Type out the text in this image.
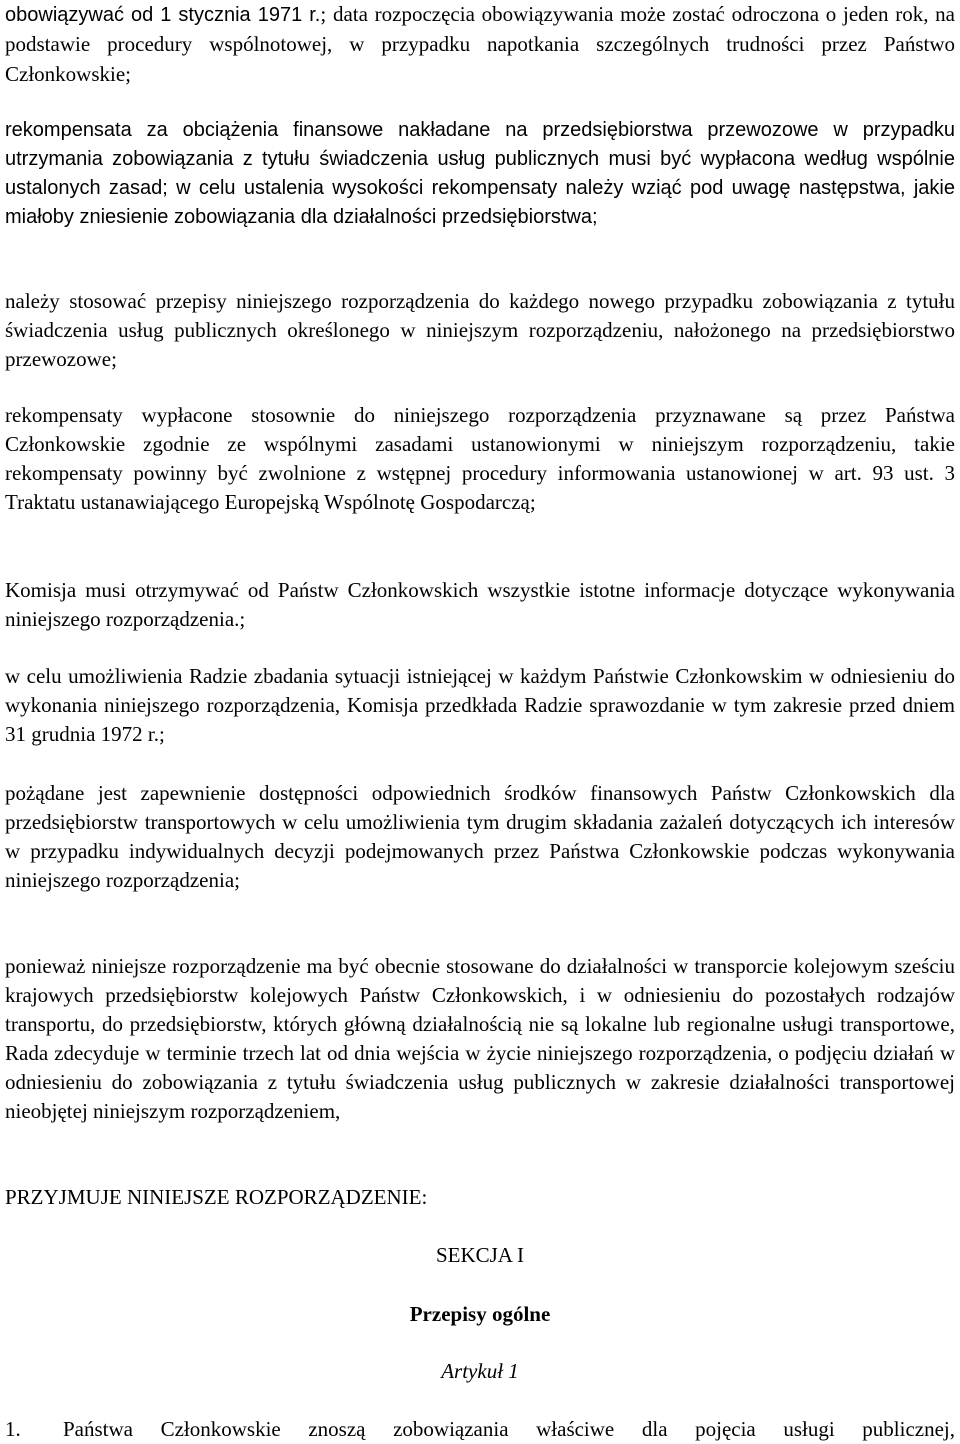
obowiązywać od 1 stycznia 1971 r.; data rozpoczęcia obowiązywania może zostać odroczona o jeden rok, na podstawie procedury wspólnotowej, w przypadku napotkania szczególnych trudności przez Państwo Członkowskie;

rekompensata za obciążenia finansowe nakładane na przedsiębiorstwa przewozowe w przypadku utrzymania zobowiązania z tytułu świadczenia usług publicznych musi być wypłacona według wspólnie ustalonych zasad; w celu ustalenia wysokości rekompensaty należy wziąć pod uwagę następstwa, jakie miałoby zniesienie zobowiązania dla działalności przedsiębiorstwa;

należy stosować przepisy niniejszego rozporządzenia do każdego nowego przypadku zobowiązania z tytułu świadczenia usług publicznych określonego w niniejszym rozporządzeniu, nałożonego na przedsiębiorstwo przewozowe;

rekompensaty wypłacone stosownie do niniejszego rozporządzenia przyznawane są przez Państwa Członkowskie zgodnie ze wspólnymi zasadami ustanowionymi w niniejszym rozporządzeniu, takie rekompensaty powinny być zwolnione z wstępnej procedury informowania ustanowionej w art. 93 ust. 3 Traktatu ustanawiającego Europejską Wspólnotę Gospodarczą;

Komisja musi otrzymywać od Państw Członkowskich wszystkie istotne informacje dotyczące wykonywania niniejszego rozporządzenia.;

w celu umożliwienia Radzie zbadania sytuacji istniejącej w każdym Państwie Członkowskim w odniesieniu do wykonania niniejszego rozporządzenia, Komisja przedkłada Radzie sprawozdanie w tym zakresie przed dniem 31 grudnia 1972 r.;

pożądane jest zapewnienie dostępności odpowiednich środków finansowych Państw Członkowskich dla przedsiębiorstw transportowych w celu umożliwienia tym drugim składania zażaleń dotyczących ich interesów w przypadku indywidualnych decyzji podejmowanych przez Państwa Członkowskie podczas wykonywania niniejszego rozporządzenia;

ponieważ niniejsze rozporządzenie ma być obecnie stosowane do działalności w transporcie kolejowym sześciu krajowych przedsiębiorstw kolejowych Państw Członkowskich, i w odniesieniu do pozostałych rodzajów transportu, do przedsiębiorstw, których główną działalnością nie są lokalne lub regionalne usługi transportowe, Rada zdecyduje w terminie trzech lat od dnia wejścia w życie niniejszego rozporządzenia, o podjęciu działań w odniesieniu do zobowiązania z tytułu świadczenia usług publicznych w zakresie działalności transportowej nieobjętej niniejszym rozporządzeniem,

PRZYJMUJE NINIEJSZE ROZPORZĄDZENIE:

SEKCJA I

Przepisy ogólne

Artykuł 1

1. Państwa Członkowskie znoszą zobowiązania właściwe dla pojęcia usługi publicznej,
